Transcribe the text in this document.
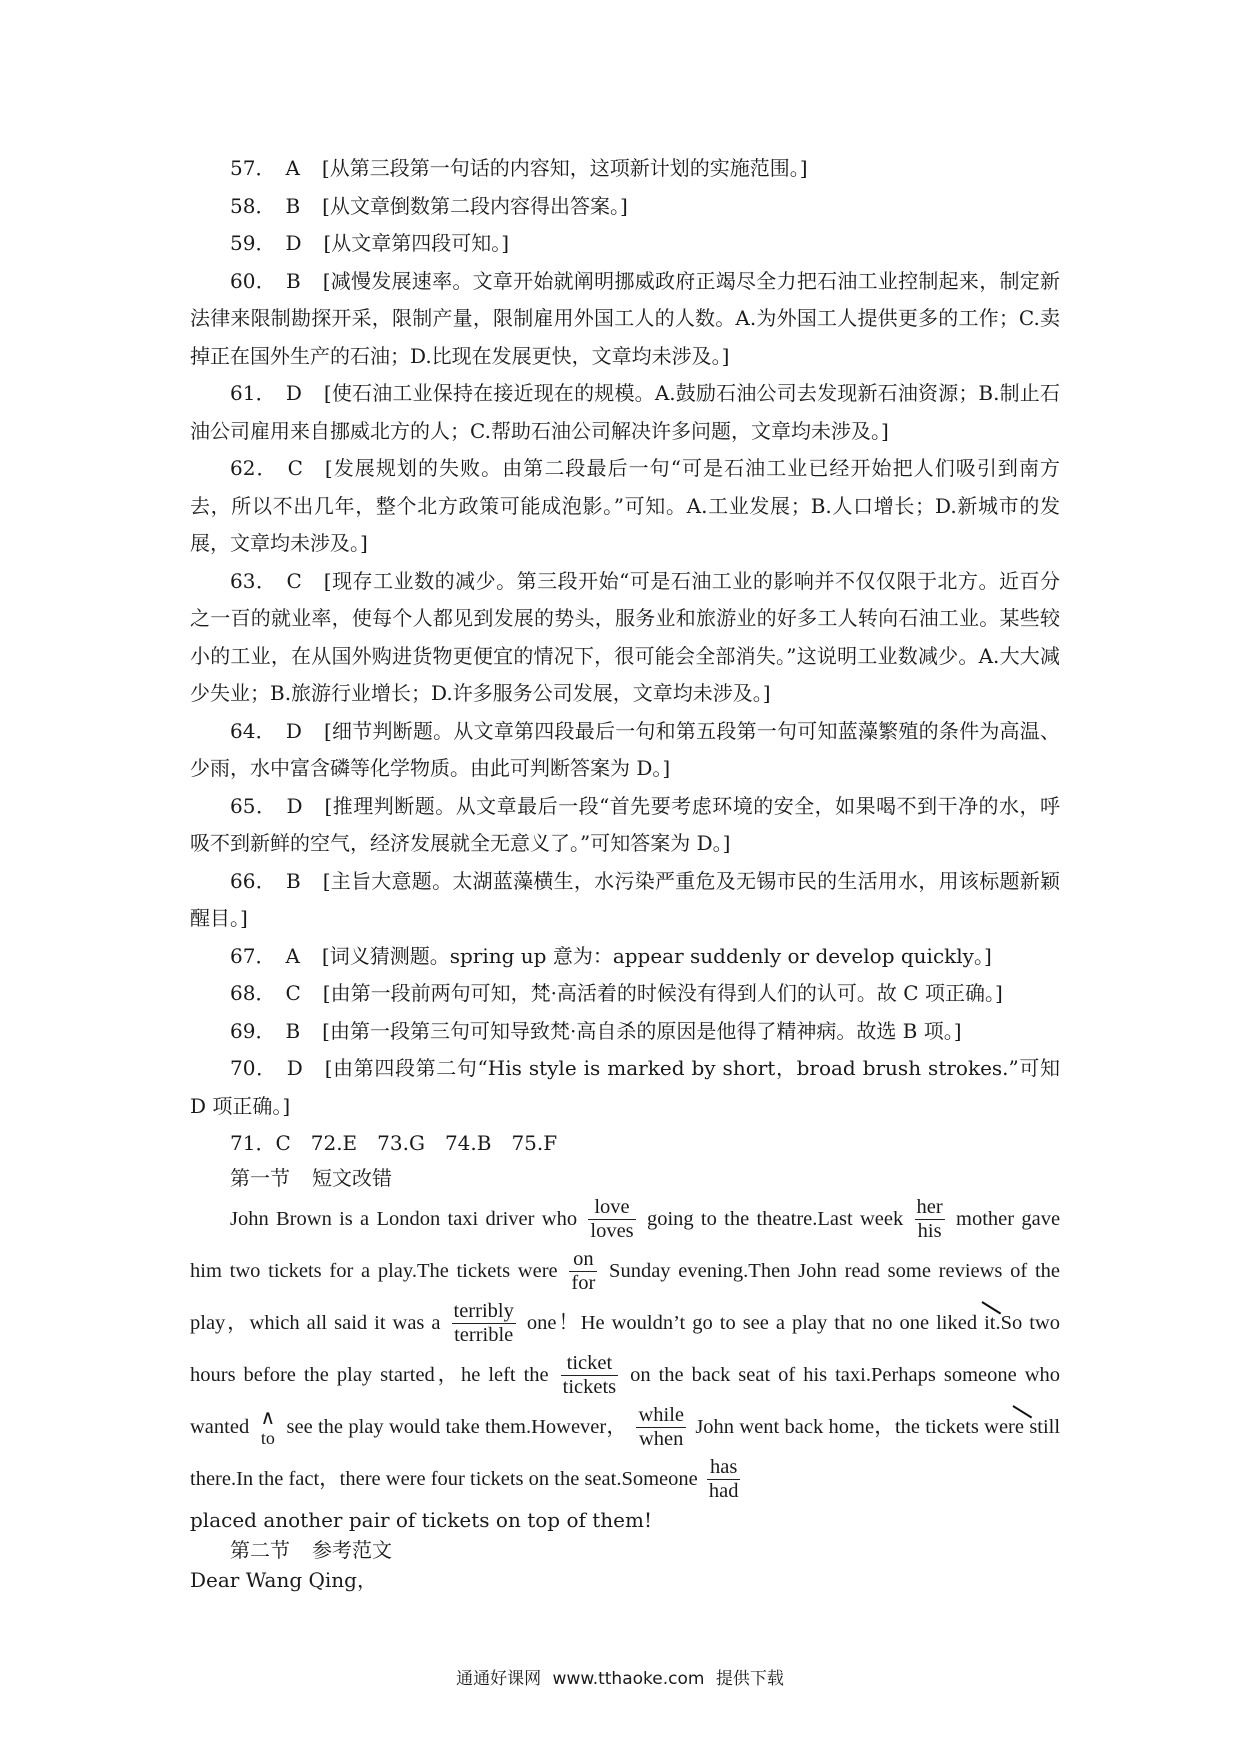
57． A [从第三段第一句话的内容知，这项新计划的实施范围。]

58． B [从文章倒数第二段内容得出答案。]

59． D [从文章第四段可知。]

60． B [减慢发展速率。文章开始就阐明挪威政府正竭尽全力把石油工业控制起来，制定新法律来限制勘探开采，限制产量，限制雇用外国工人的人数。A.为外国工人提供更多的工作；C.卖掉正在国外生产的石油；D.比现在发展更快，文章均未涉及。]

61． D [使石油工业保持在接近现在的规模。A.鼓励石油公司去发现新石油资源；B.制止石油公司雇用来自挪威北方的人；C.帮助石油公司解决许多问题，文章均未涉及。]

62． C [发展规划的失败。由第二段最后一句“可是石油工业已经开始把人们吸引到南方去，所以不出几年，整个北方政策可能成泡影。”可知。A.工业发展；B.人口增长；D.新城市的发展，文章均未涉及。]

63． C [现存工业数的减少。第三段开始“可是石油工业的影响并不仅仅限于北方。近百分之一百的就业率，使每个人都见到发展的势头，服务业和旅游业的好多工人转向石油工业。某些较小的工业，在从国外购进货物更便宜的情况下，很可能会全部消失。”这说明工业数减少。A.大大减少失业；B.旅游行业增长；D.许多服务公司发展，文章均未涉及。]

64． D [细节判断题。从文章第四段最后一句和第五段第一句可知蓝藻繁殖的条件为高温、少雨，水中富含磷等化学物质。由此可判断答案为 D。]

65． D [推理判断题。从文章最后一段“首先要考虑环境的安全，如果喝不到干净的水，呼吸不到新鲜的空气，经济发展就全无意义了。”可知答案为 D。]

66． B [主旨大意题。太湖蓝藻横生，水污染严重危及无锡市民的生活用水，用该标题新颖醒目。]

67． A [词义猜测题。spring up 意为：appear suddenly or develop quickly。]

68． C [由第一段前两句可知，梵·高活着的时候没有得到人们的认可。故 C 项正确。]

69． B [由第一段第三句可知导致梵·高自杀的原因是他得了精神病。故选 B 项。]

70． D [由第四段第二句“His style is marked by short，broad brush strokes.”可知 D 项正确。]

71．C　72.E　73.G　74.B　75.F

第一节 短文改错

John Brown is a London taxi driver who $\frac{\text{love}}{\text{loves}}$ going to the theatre.Last week $\frac{\text{her}}{\text{his}}$ mother gave him two tickets for a play.The tickets were $\frac{on}{\text{for}}$ Sunday evening.Then John read some reviews of the play，which all said it was a $\frac{\text{terribly}}{\text{terrible}}$ one！He wouldn’t go to see a play that no one liked it.So two hours before the play started，he left the $\frac{\text{ticket}}{\text{tickets}}$ on the back seat of his taxi.Perhaps someone who wanted ∧
to
see the play would take them.However， $\frac{\text{while}}{\text{when}}$ John went back home，the tickets were still there.In the fact，there were four tickets on the seat.Someone $\frac{\text{has}}{\text{had}}$

placed another pair of tickets on top of them!

第二节 参考范文

Dear Wang Qing，

通通好课网 www.tthaoke.com 提供下载
